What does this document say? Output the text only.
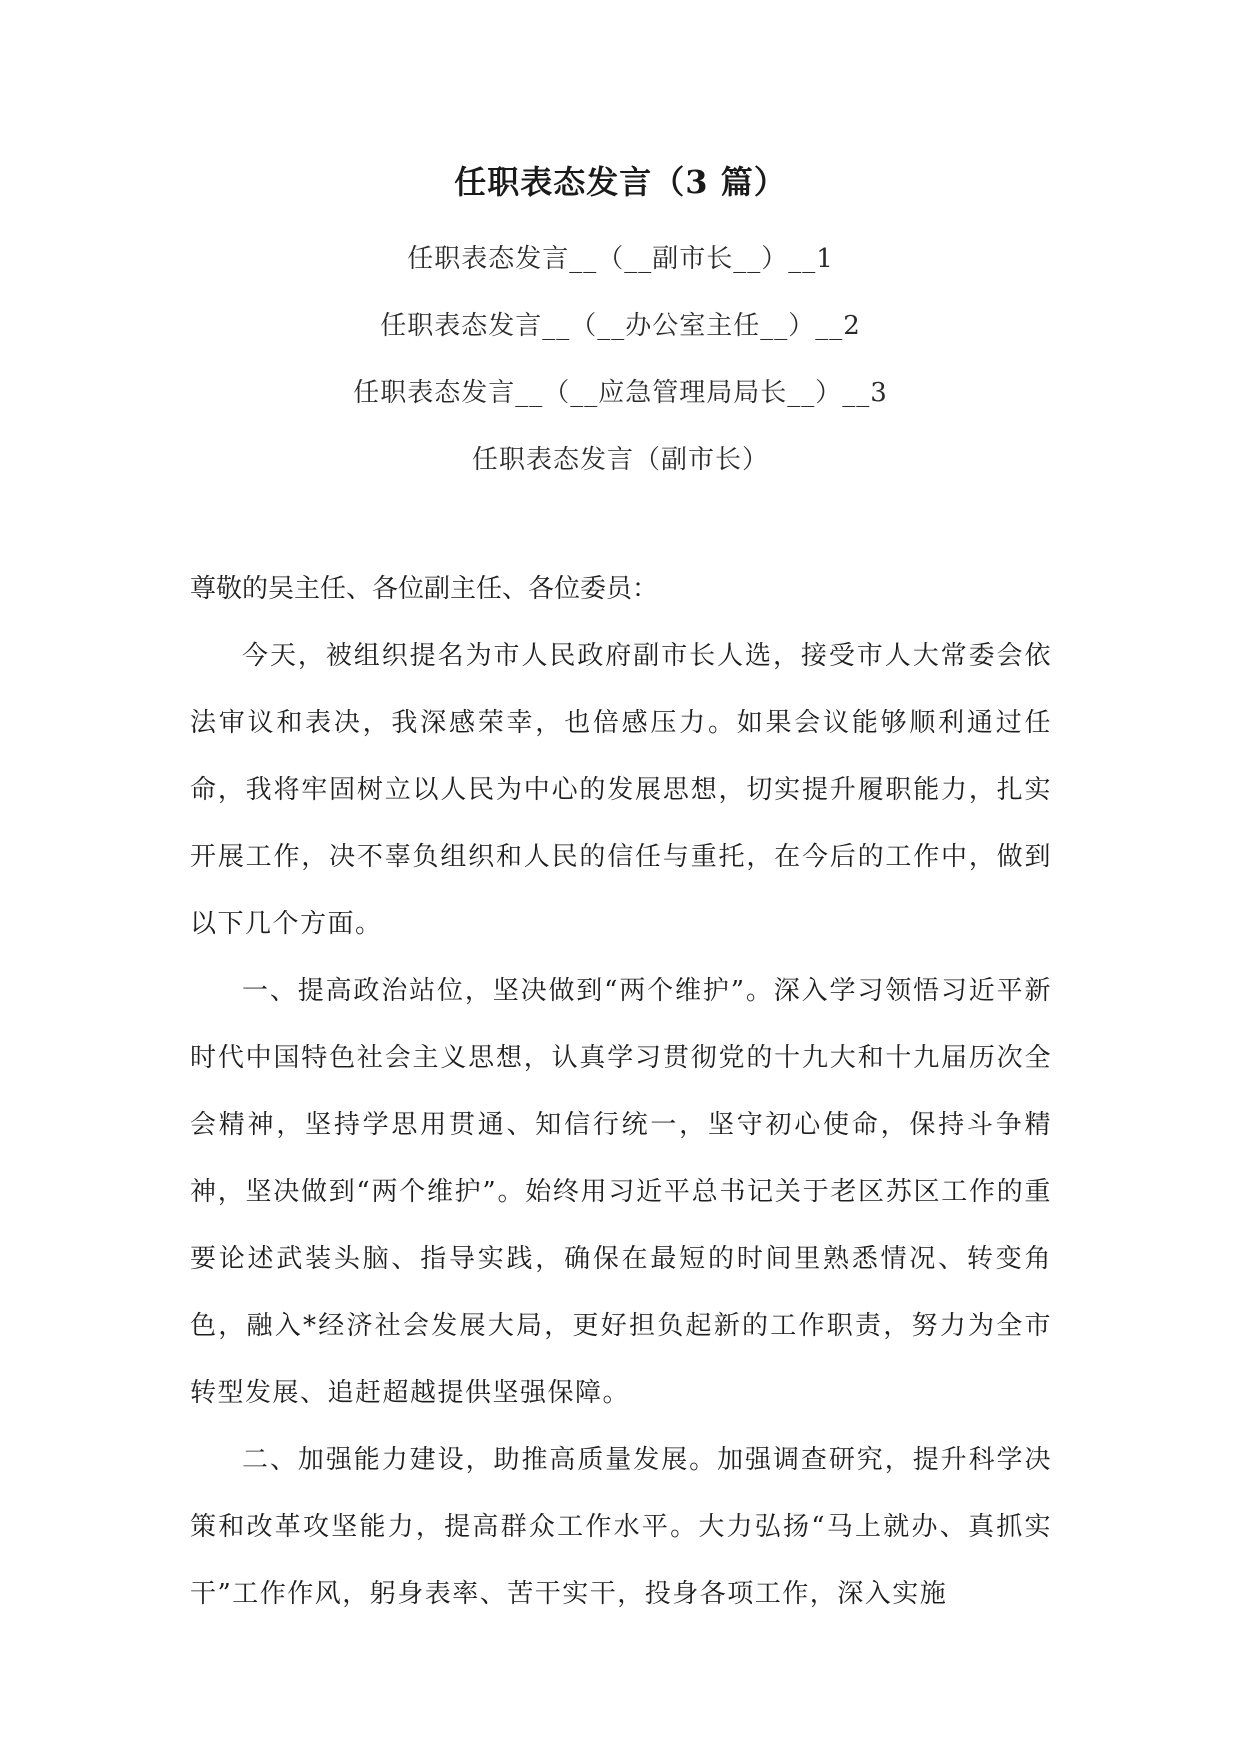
任职表态发言（3 篇）
任职表态发言__（__副市长__）__1
任职表态发言__（__办公室主任__）__2
任职表态发言__（__应急管理局局长__）__3
任职表态发言（副市长）

尊敬的吴主任、各位副主任、各位委员：

今天，被组织提名为市人民政府副市长人选，接受市人大常委会依法审议和表决，我深感荣幸，也倍感压力。如果会议能够顺利通过任命，我将牢固树立以人民为中心的发展思想，切实提升履职能力，扎实开展工作，决不辜负组织和人民的信任与重托，在今后的工作中，做到以下几个方面。

一、提高政治站位，坚决做到“两个维护”。深入学习领悟习近平新时代中国特色社会主义思想，认真学习贯彻党的十九大和十九届历次全会精神，坚持学思用贯通、知信行统一，坚守初心使命，保持斗争精神，坚决做到“两个维护”。始终用习近平总书记关于老区苏区工作的重要论述武装头脑、指导实践，确保在最短的时间里熟悉情况、转变角色，融入*经济社会发展大局，更好担负起新的工作职责，努力为全市转型发展、追赶超越提供坚强保障。

二、加强能力建设，助推高质量发展。加强调查研究，提升科学决策和改革攻坚能力，提高群众工作水平。大力弘扬“马上就办、真抓实干”工作作风，躬身表率、苦干实干，投身各项工作，深入实施
